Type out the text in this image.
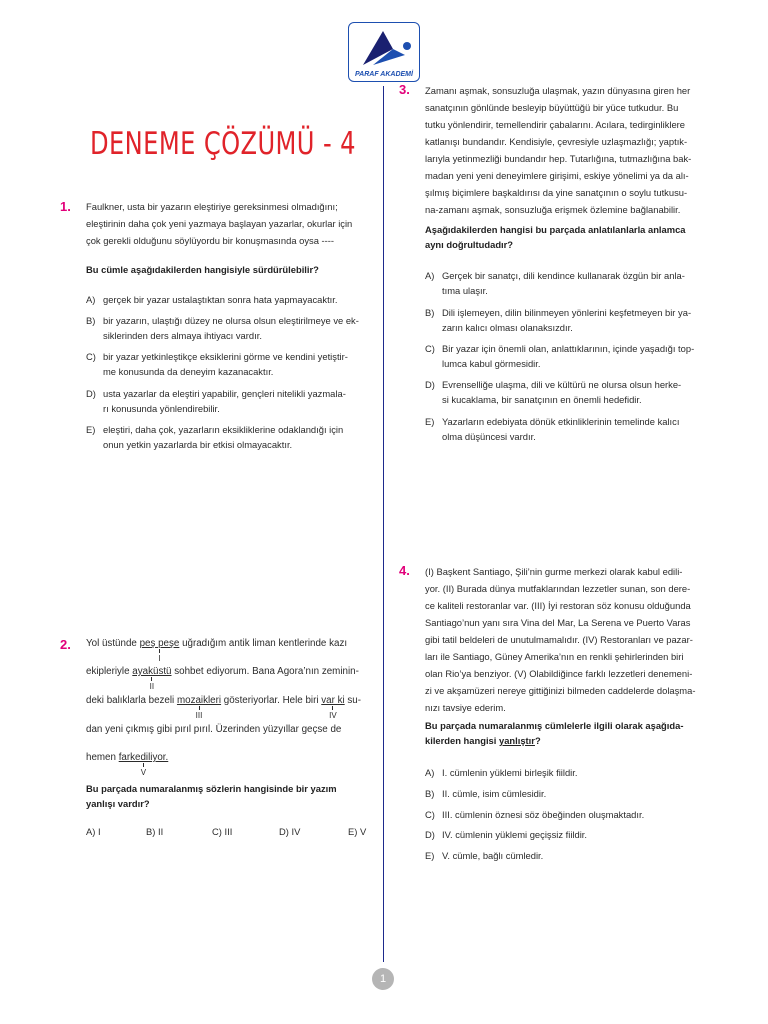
PARAF AKADEMİ
DENEME ÇÖZÜMÜ - 4
1. Faulkner, usta bir yazarın eleştiriye gereksinmesi olmadığını;
eleştirinin daha çok yeni yazmaya başlayan yazarlar, okurlar için
çok gerekli olduğunu söylüyordu bir konuşmasında oysa ----
Bu cümle aşağıdakilerden hangisiyle sürdürülebilir?
A) gerçek bir yazar ustalaştıktan sonra hata yapmayacaktır.
B) bir yazarın, ulaştığı düzey ne olursa olsun eleştirilmeye ve ek-
siklerinden ders almaya ihtiyacı vardır.
C) bir yazar yetkinleştikçe eksiklerini görme ve kendini yetiştir-
me konusunda da deneyim kazanacaktır.
D) usta yazarlar da eleştiri yapabilir, gençleri nitelikli yazmala-
rı konusunda yönlendirebilir.
E) eleştiri, daha çok, yazarların eksikliklerine odaklandığı için
onun yetkin yazarlarda bir etkisi olmayacaktır.
2. Yol üstünde peş peşe
I
uğradığım antik liman kentlerinde kazı
ekipleriyle ayaküstü
II
sohbet ediyorum. Bana Agora’nın zeminin-
deki balıklarla bezeli mozaikleri
III
gösteriyorlar. Hele biri var ki
IV
su-
dan yeni çıkmış gibi pırıl pırıl. Üzerinden yüzyıllar geçse de
hemen farkediliyor.
V
Bu parçada numaralanmış sözlerin hangisinde bir yazım
yanlışı vardır?
A) I	B) II	C) III	D) IV	E) V
3. Zamanı aşmak, sonsuzluğa ulaşmak, yazın dünyasına giren her
sanatçının gönlünde besleyip büyüttüğü bir yüce tutkudur. Bu
tutku yönlendirir, temellendirir çabalarını. Acılara, tedirginliklere
katlanışı bundandır. Kendisiyle, çevresiyle uzlaşmazlığı; yaptık-
larıyla yetinmezliği bundandır hep. Tutarlığına, tutmazlığına bak-
madan yeni yeni deneyimlere girişimi, eskiye yönelimi ya da alı-
şılmış biçimlere başkaldırısı da yine sanatçının o soylu tutkusu-
na-zamanı aşmak, sonsuzluğa erişmek özlemine bağlanabilir.
Aşağıdakilerden hangisi bu parçada anlatılanlarla anlamca
aynı doğrultudadır?
A) Gerçek bir sanatçı, dili kendince kullanarak özgün bir anla-
tıma ulaşır.
B) Dili işlemeyen, dilin bilinmeyen yönlerini keşfetmeyen bir ya-
zarın kalıcı olması olanaksızdır.
C) Bir yazar için önemli olan, anlattıklarının, içinde yaşadığı top-
lumca kabul görmesidir.
D) Evrenselliğe ulaşma, dili ve kültürü ne olursa olsun herke-
si kucaklama, bir sanatçının en önemli hedefidir.
E) Yazarların edebiyata dönük etkinliklerinin temelinde kalıcı
olma düşüncesi vardır.
4. (I) Başkent Santiago, Şili’nin gurme merkezi olarak kabul edili-
yor. (II) Burada dünya mutfaklarından lezzetler sunan, son dere-
ce kaliteli restoranlar var. (III) İyi restoran söz konusu olduğunda
Santiago’nun yanı sıra Vina del Mar, La Serena ve Puerto Varas
gibi tatil beldeleri de unutulmamalıdır. (IV) Restoranları ve pazar-
ları ile Santiago, Güney Amerika’nın en renkli şehirlerinden biri
olan Rio’ya benziyor. (V) Olabildiğince farklı lezzetleri denemeni-
zi ve akşamüzeri nereye gittiğinizi bilmeden caddelerde dolaşma-
nızı tavsiye ederim.
Bu parçada numaralanmış cümlelerle ilgili olarak aşağıda-
kilerden hangisi yanlıştır?
A) I. cümlenin yüklemi birleşik fiildir.
B) II. cümle, isim cümlesidir.
C) III. cümlenin öznesi söz öbeğinden oluşmaktadır.
D) IV. cümlenin yüklemi geçişsiz fiildir.
E) V. cümle, bağlı cümledir.
1
